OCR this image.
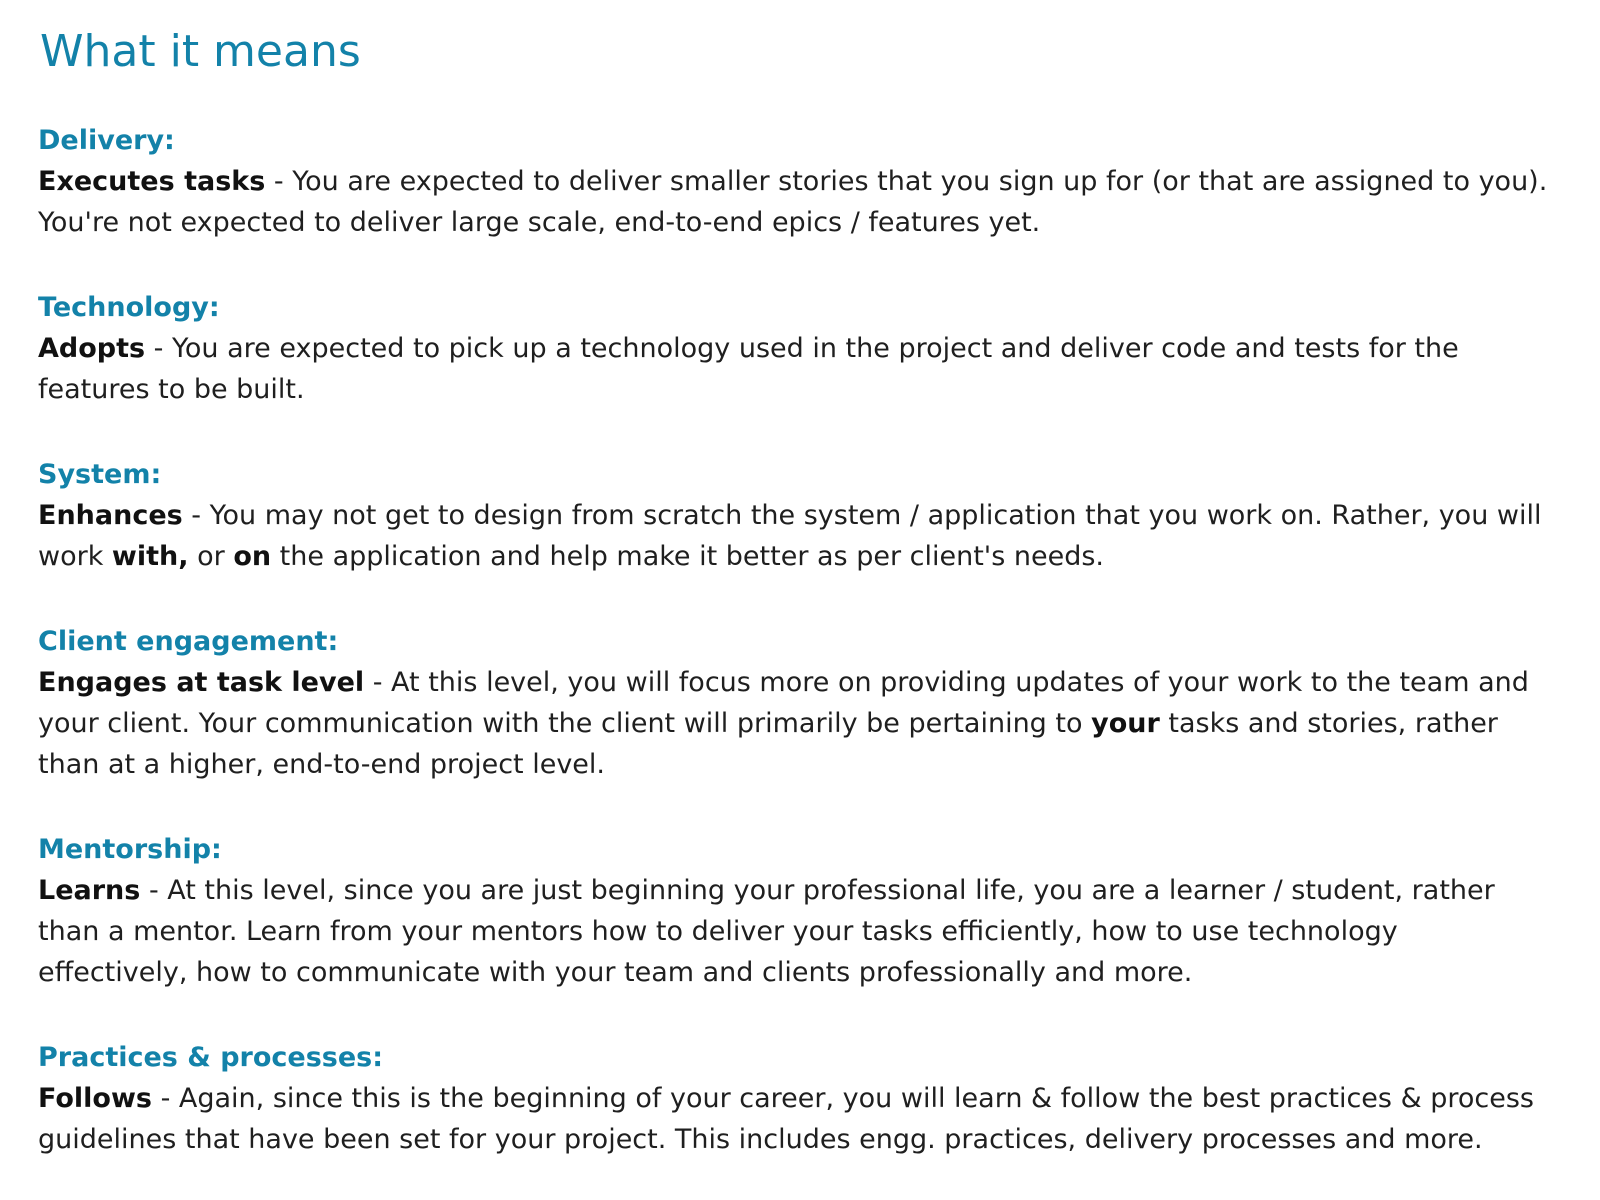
What it means
Delivery:

Executes tasks - You are expected to deliver smaller stories that you sign up for (or that are assigned to you).
You're not expected to deliver large scale, end-to-end epics / features yet.

Technology:

Adopts - You are expected to pick up a technology used in the project and deliver code and tests for the
features to be built.

System:

Enhances - You may not get to design from scratch the system / application that you work on. Rather, you will
work with, or on the application and help make it better as per client's needs.

Client engagement:

Engages at task level - At this level, you will focus more on providing updates of your work to the team and
your client. Your communication with the client will primarily be pertaining to your tasks and stories, rather
than at a higher, end-to-end project level.

Mentorship:

Learns - At this level, since you are just beginning your professional life, you are a learner / student, rather
than a mentor. Learn from your mentors how to deliver your tasks efficiently, how to use technology
effectively, how to communicate with your team and clients professionally and more.

Practices & processes:

Follows - Again, since this is the beginning of your career, you will learn & follow the best practices & process
guidelines that have been set for your project. This includes engg. practices, delivery processes and more.
